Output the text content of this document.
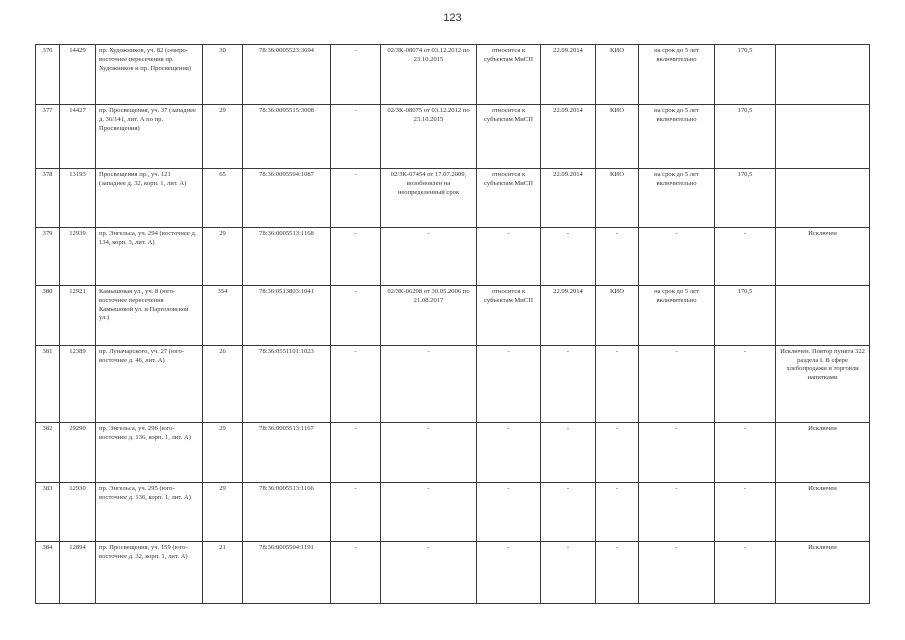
123
376	14429	пр. Художников, уч. 82 (северо-восточнее пересечения пр. Художников и пр. Просвещения)	30	78:36:0005523:3694	-	02/ЗК-08074 от 03.12.2012 по 23.10.2015	относится к субъектам МиСП	22.09.2014	КИО	на срок до 5 лет включительно	170,5	
377	14427	пр. Просвещения, уч. 37 (западнее д. 36/141, лит. А по пр. Просвещения)	29	78:36:0005515:3008	-	02/ЗК-08075 от 03.12.2012 по 23.10.2015	относится к субъектам МиСП	22.09.2014	КИО	на срок до 5 лет включительно	170,5	
378	13193	Просвещения пр., уч. 121 (западнее д. 32, корп. 1, лит. А)	65	78:36:0005504:1087	-	02/ЗК-07454 от 17.07.2009, возобновлен на неопределенный срок	относится к субъектам МиСП	22.09.2014	КИО	на срок до 5 лет включительно	170,5	
379	12939	пр. Энгельса, уч. 294 (восточнее д. 134, корп. 3, лит. А)	29	78:36:0005513:1168	-	-	-	-	-	-	-	Исключен
380	12921	Камышовая ул., уч. 8 (юго-восточнее пересечения Камышовой ул. и Парголовской ул.)	354	78:36:0513803:1041	-	02/ЗК-06298 от 30.05.2006 по 21.08.2017	относится к субъектам МиСП	22.09.2014	КИО	на срок до 5 лет включительно	170,5	
381	12389	пр. Луначарского, уч. 27 (юго-восточнее д. 46, лит. А)	26	78:36:0551101:1023	-	-	-	-	-	-	-	Исключен. Повтор пункта 322 раздела I. В сфере хлебопродажи и торговли напитками
382	29290	пр. Энгельса, уч. 296 (юго-восточнее д. 136, корп. 1, лит. А)	29	78:36:0005513:1167	-	-	-	-	-	-	-	Исключен
383	12930	пр. Энгельса, уч. 295 (юго-восточнее д. 136, корп. 1, лит. А)	29	78:36:0005513:1166	-	-	-	-	-	-	-	Исключен
384	12894	пр. Просвещения, уч. 159 (юго-восточнее д. 32, корп. 1, лит. А)	21	78:36:0005504:1191	-	-	-	-	-	-	-	Исключен
